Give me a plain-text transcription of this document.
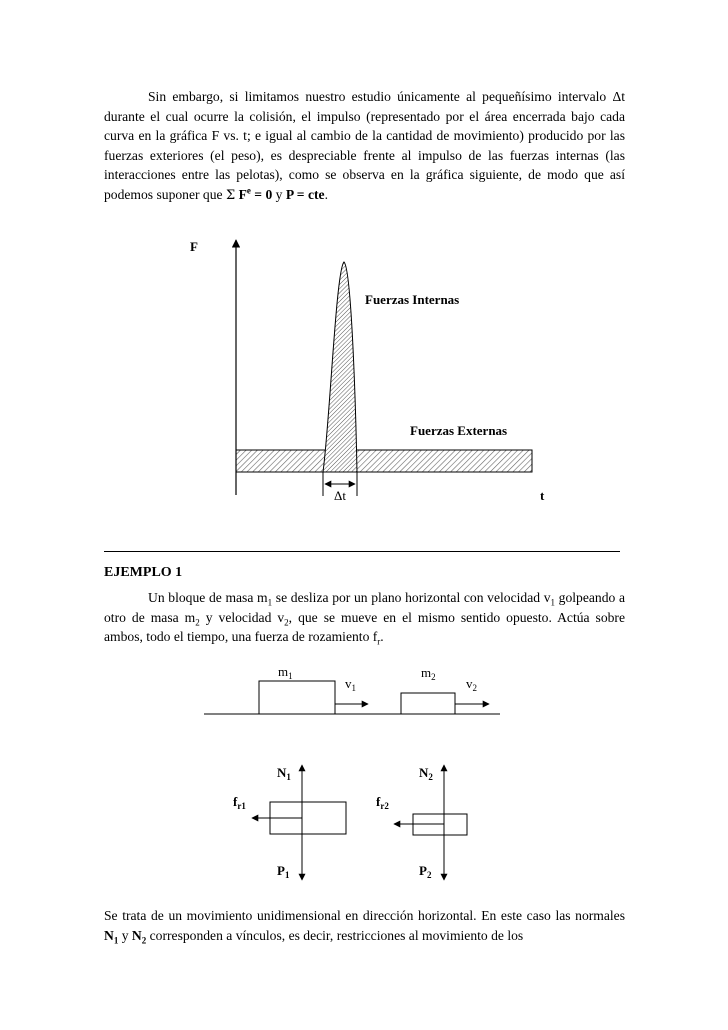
Sin embargo, si limitamos nuestro estudio únicamente al pequeñísimo intervalo Δt durante el cual ocurre la colisión, el impulso (representado por el área encerrada bajo cada curva en la gráfica F vs. t; e igual al cambio de la cantidad de movimiento) producido por las fuerzas exteriores (el peso), es despreciable frente al impulso de las fuerzas internas (las interacciones entre las pelotas), como se observa en la gráfica siguiente, de modo que así podemos suponer que Σ $F^e = 0$ y P = cte.
F
Fuerzas Internas
Fuerzas Externas
Δt	t
$m_1$	$v_1$
$m_2$ $v_2$
$N_1$	$N_2$
$f_{r1}$	$f_{r2}$
$P_1$	$P_2$
EJEMPLO 1
Un bloque de masa $m_1$ se desliza por un plano horizontal con velocidad $v_1$ golpeando a otro de masa $m_2$ y velocidad $v_2$, que se mueve en el mismo sentido opuesto. Actúa sobre ambos, todo el tiempo, una fuerza de rozamiento $f_r$.
Se trata de un movimiento unidimensional en dirección horizontal. En este caso las normales $N_1$ y $N_2$ corresponden a vínculos, es decir, restricciones al movimiento de los
